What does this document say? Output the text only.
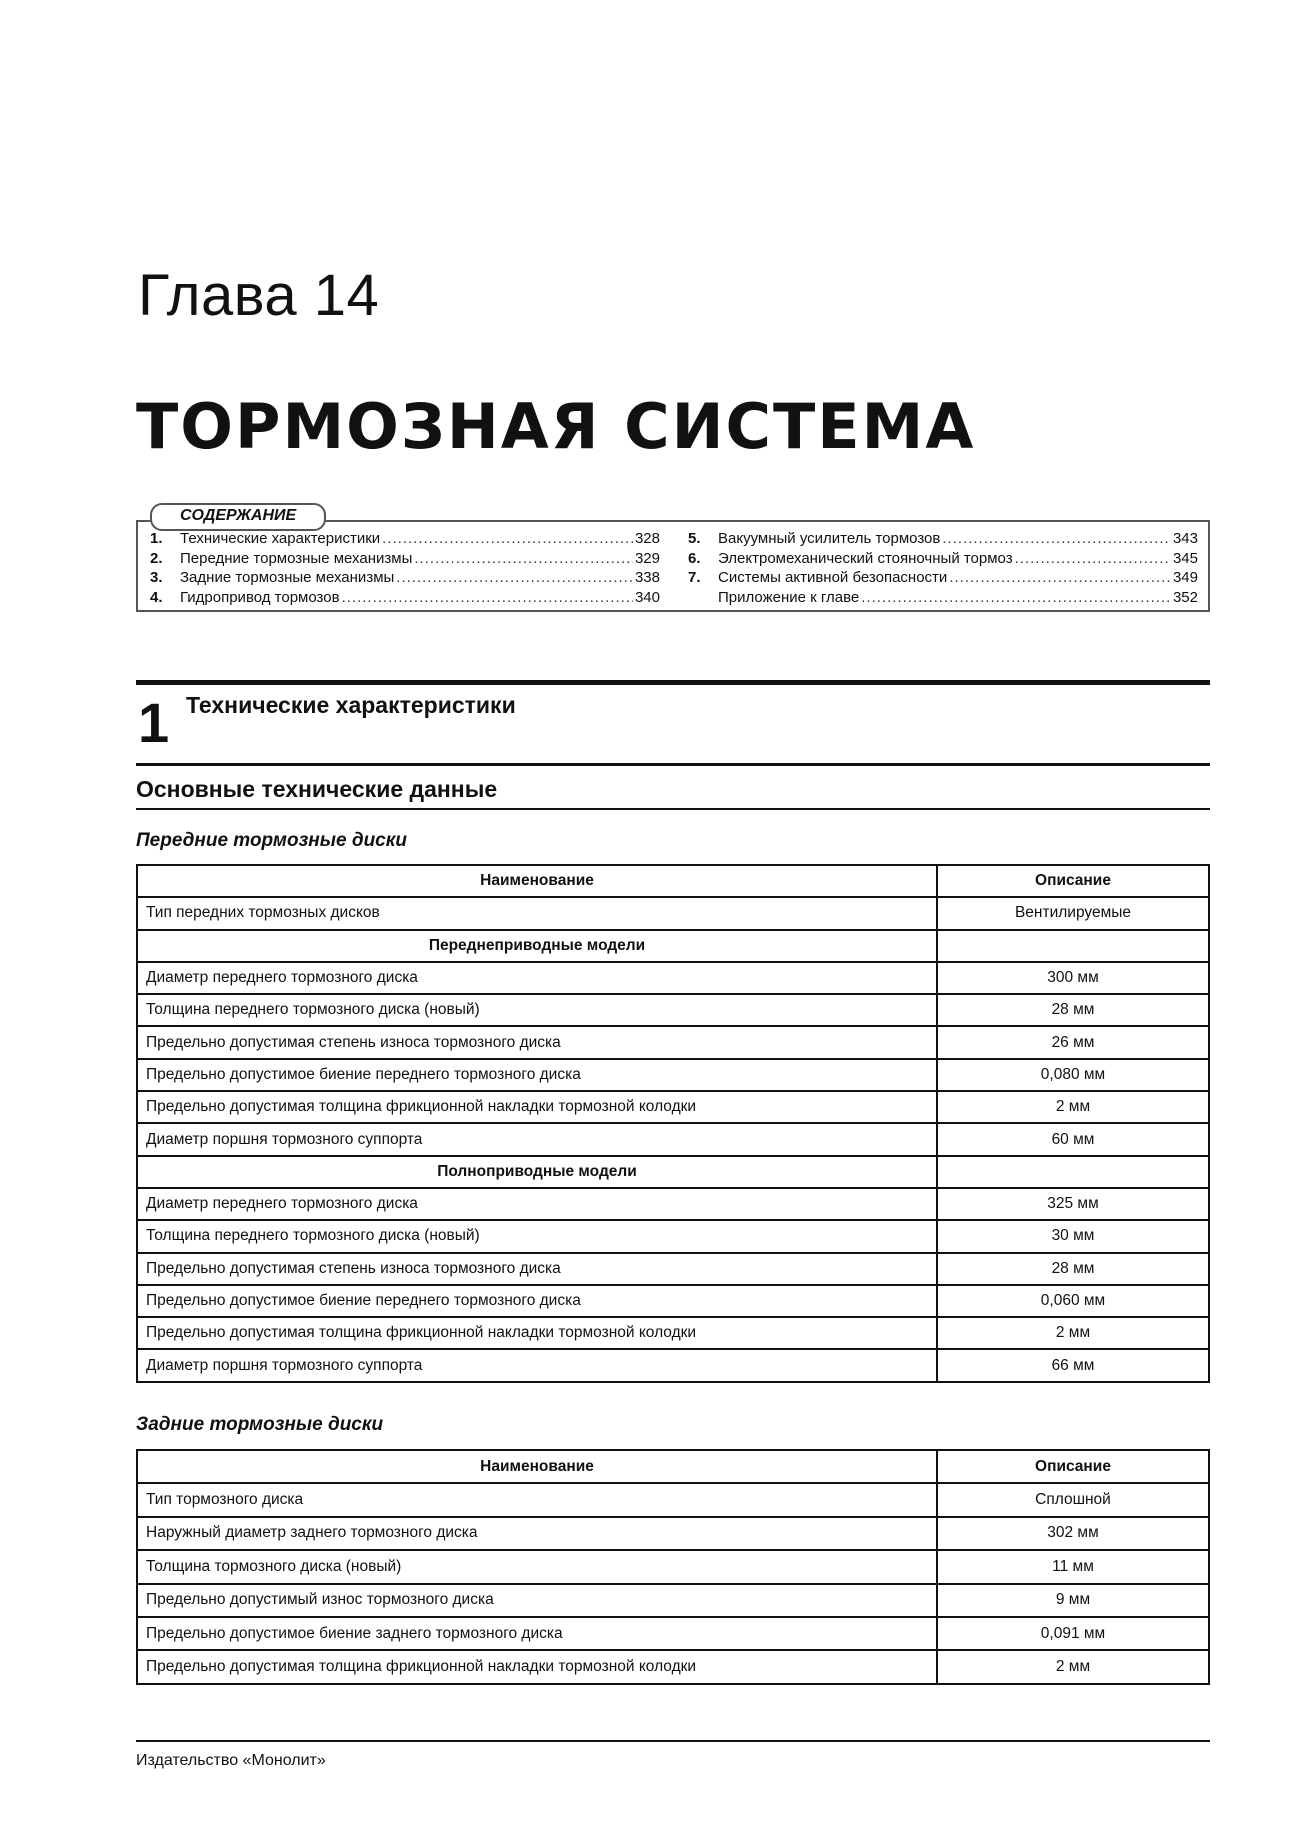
Глава 14
ТОРМОЗНАЯ СИСТЕМА
СОДЕРЖАНИЕ
1.	Технические характеристики .....	328
2.	Передние тормозные механизмы .....	329
3.	Задние тормозные механизмы .....	338
4.	Гидропривод тормозов .....	340
5.	Вакуумный усилитель тормозов .....	343
6.	Электромеханический стояночный тормоз .....	345
7.	Системы активной безопасности .....	349
Приложение к главе .....	352
1 Технические характеристики
Основные технические данные
Передние тормозные диски
Наименование	Описание
Тип передних тормозных дисков	Вентилируемые
Переднеприводные модели	
Диаметр переднего тормозного диска	300 мм
Толщина переднего тормозного диска (новый)	28 мм
Предельно допустимая степень износа тормозного диска	26 мм
Предельно допустимое биение переднего тормозного диска	0,080 мм
Предельно допустимая толщина фрикционной накладки тормозной колодки	2 мм
Диаметр поршня тормозного суппорта	60 мм
Полноприводные модели	
Диаметр переднего тормозного диска	325 мм
Толщина переднего тормозного диска (новый)	30 мм
Предельно допустимая степень износа тормозного диска	28 мм
Предельно допустимое биение переднего тормозного диска	0,060 мм
Предельно допустимая толщина фрикционной накладки тормозной колодки	2 мм
Диаметр поршня тормозного суппорта	66 мм
Задние тормозные диски
Наименование	Описание
Тип тормозного диска	Сплошной
Наружный диаметр заднего тормозного диска	302 мм
Толщина тормозного диска (новый)	11 мм
Предельно допустимый износ тормозного диска	9 мм
Предельно допустимое биение заднего тормозного диска	0,091 мм
Предельно допустимая толщина фрикционной накладки тормозной колодки	2 мм
Издательство «Монолит»
